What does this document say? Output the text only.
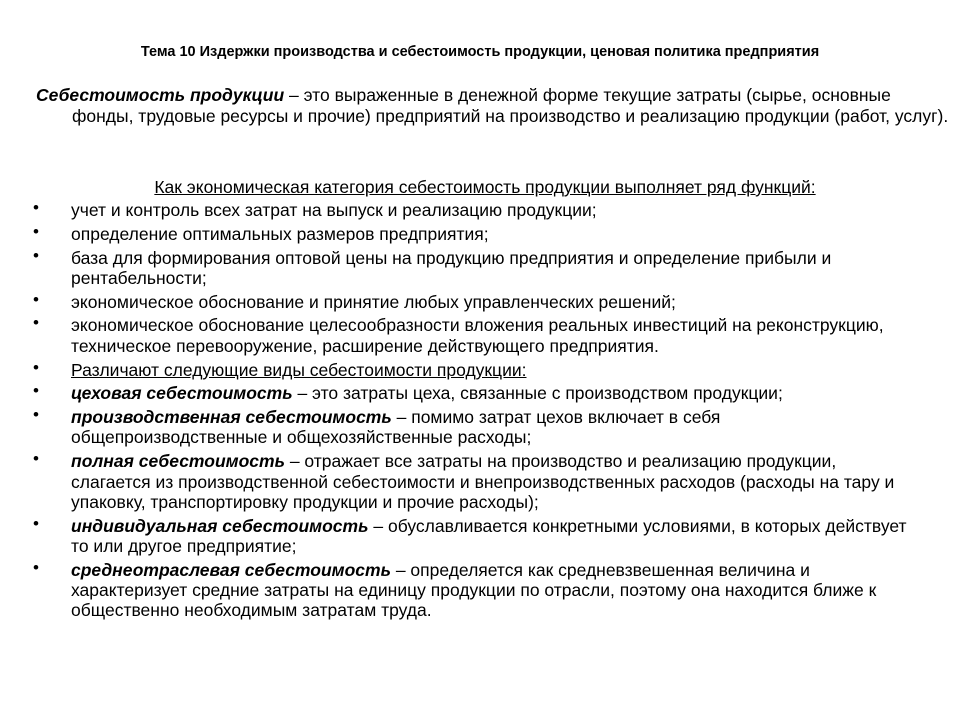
Тема 10 Издержки производства и себестоимость продукции, ценовая политика предприятия
Себестоимость продукции – это выраженные в денежной форме текущие затраты (сырье, основные фонды, трудовые ресурсы и прочие) предприятий на производство и реализацию продукции (работ, услуг).
Как экономическая категория себестоимость продукции выполняет ряд функций:
• учет и контроль всех затрат на выпуск и реализацию продукции;
• определение оптимальных размеров предприятия;
• база для формирования оптовой цены на продукцию предприятия и определение прибыли и рентабельности;
• экономическое обоснование и принятие любых управленческих решений;
• экономическое обоснование целесообразности вложения реальных инвестиций на реконструкцию, техническое перевооружение, расширение действующего предприятия.
• Различают следующие виды себестоимости продукции:
• цеховая себестоимость – это затраты цеха, связанные с производством продукции;
• производственная себестоимость – помимо затрат цехов включает в себя общепроизводственные и общехозяйственные расходы;
• полная себестоимость – отражает все затраты на производство и реализацию продукции, слагается из производственной себестоимости и внепроизводственных расходов (расходы на тару и упаковку, транспортировку продукции и прочие расходы);
• индивидуальная себестоимость – обуславливается конкретными условиями, в которых действует то или другое предприятие;
• среднеотраслевая себестоимость – определяется как средневзвешенная величина и характеризует средние затраты на единицу продукции по отрасли, поэтому она находится ближе к общественно необходимым затратам труда.
